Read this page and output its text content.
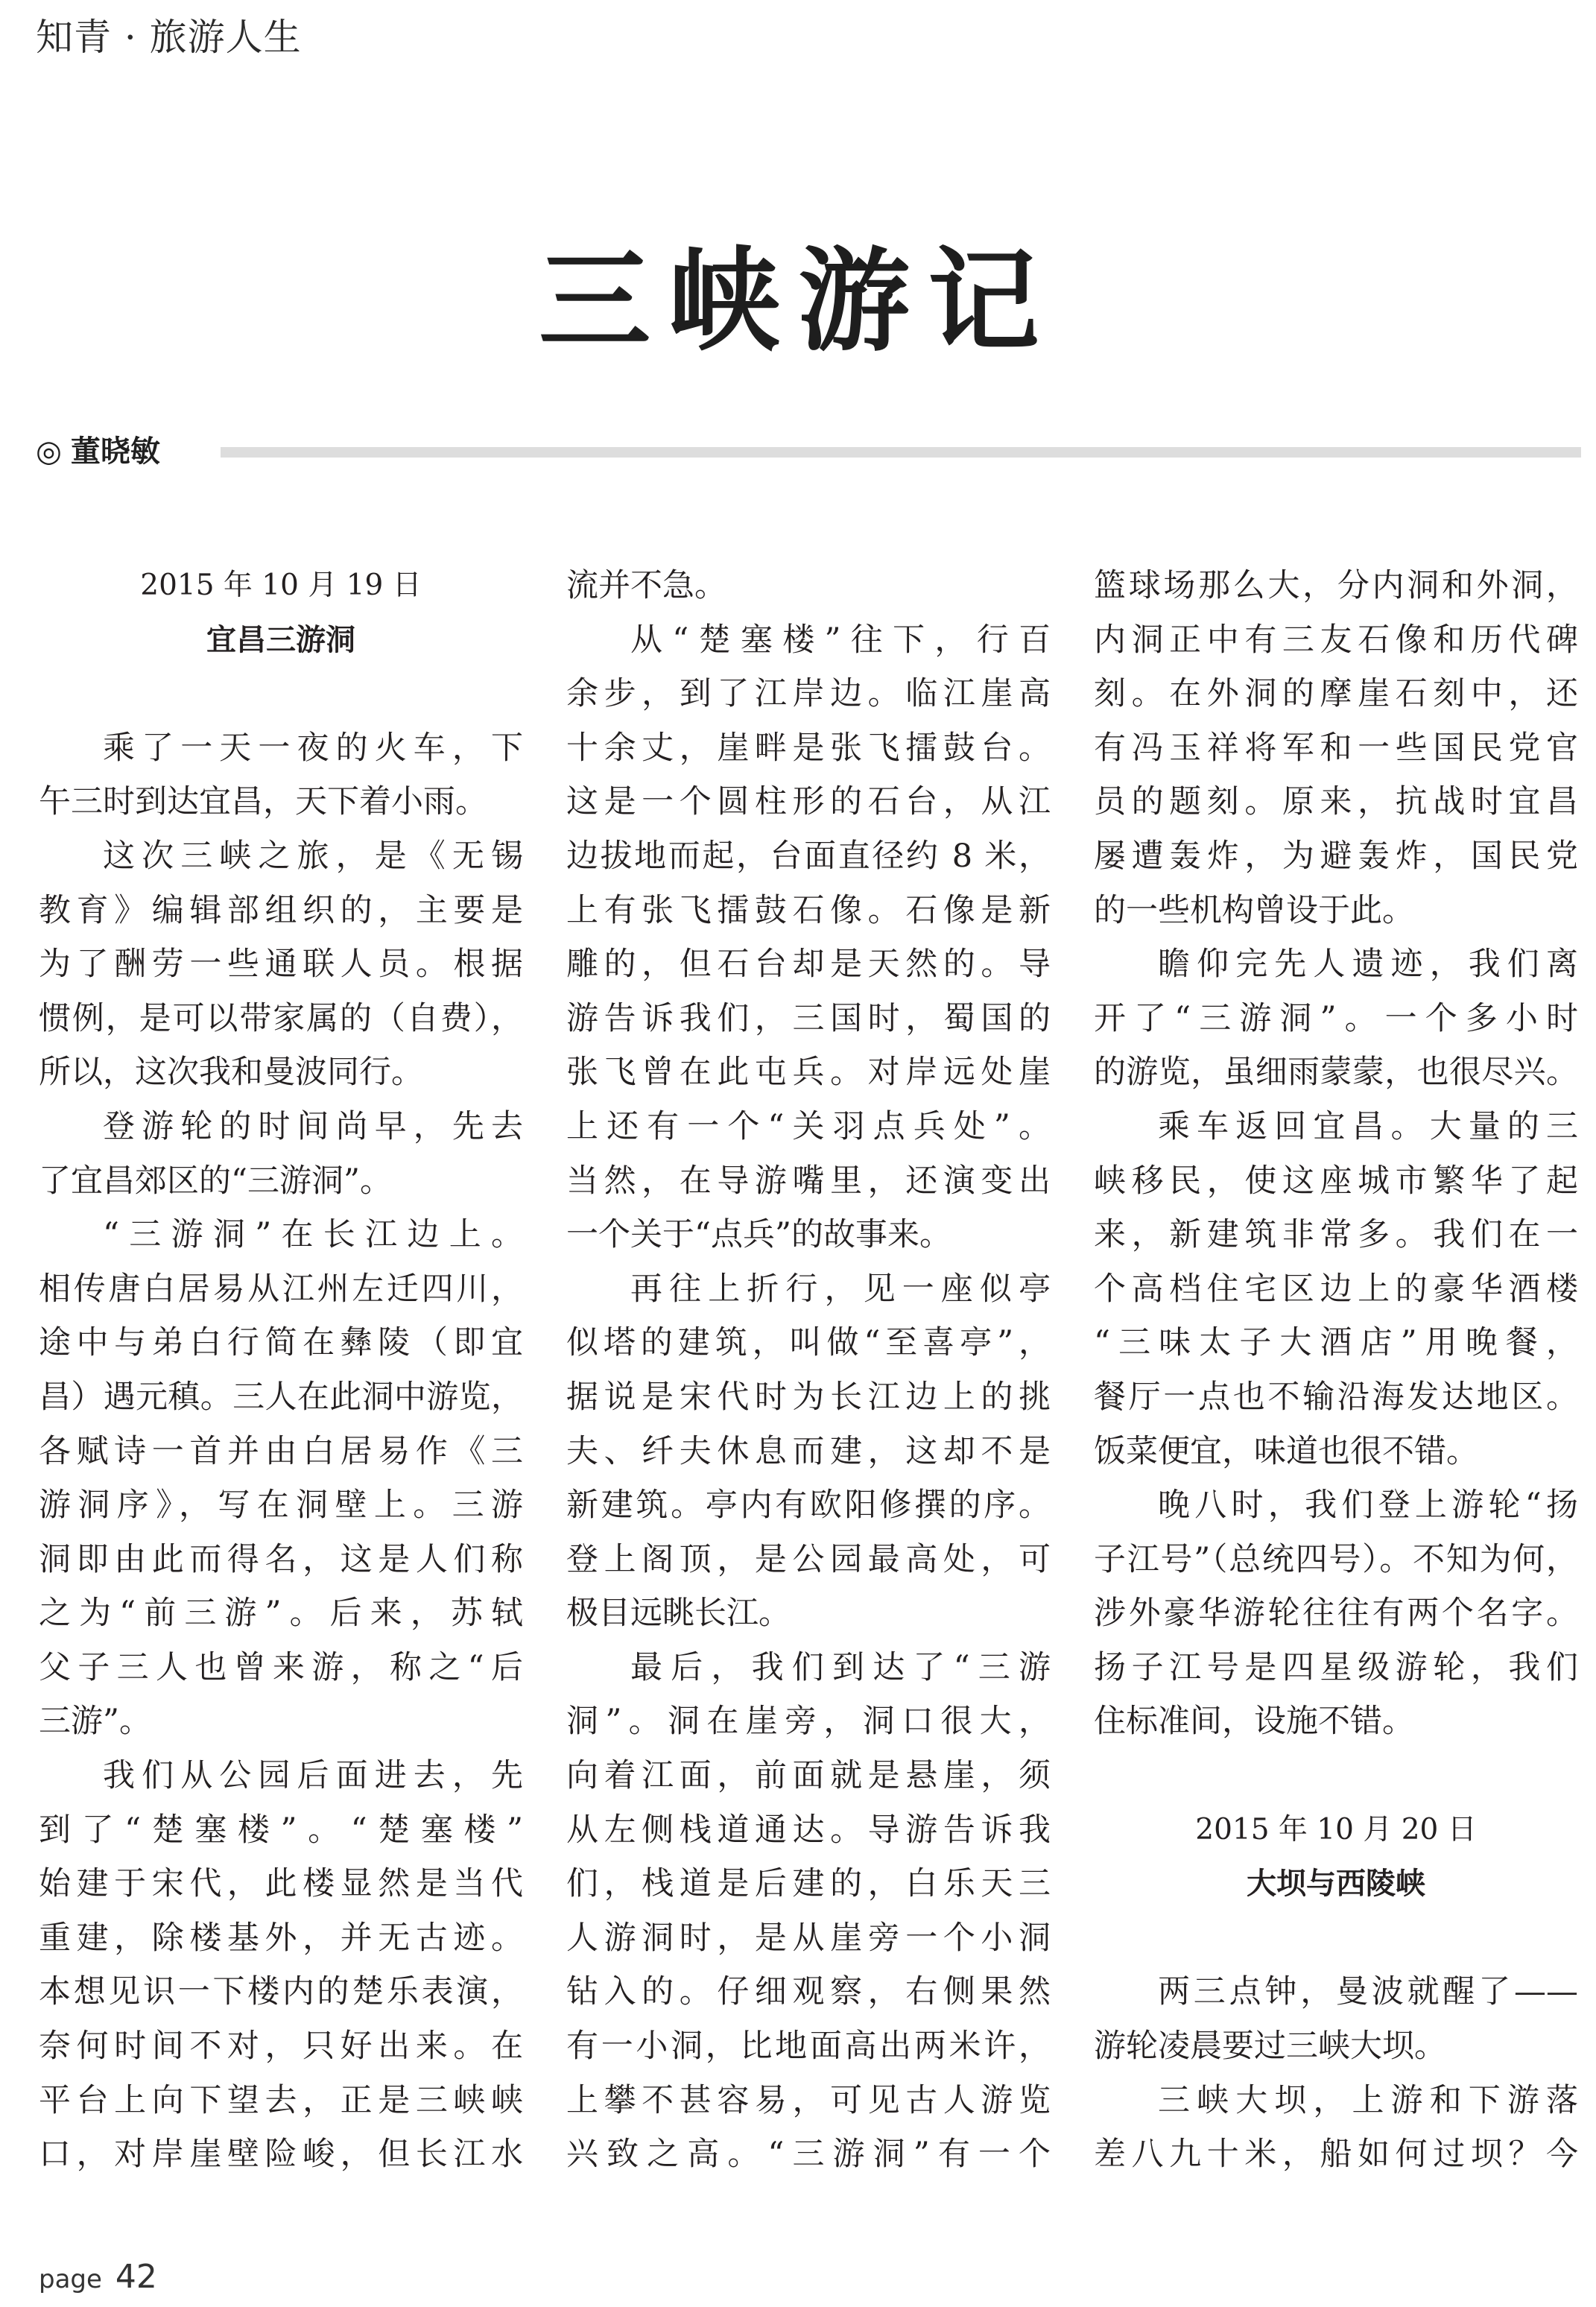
知青 · 旅游人生
三峡游记
◎ 董晓敏

2015 年 10 月 19 日

宜昌三游洞

乘了一天一夜的火车，下

午三时到达宜昌，天下着小雨。

这次三峡之旅，是《无锡

教育》编辑部组织的，主要是

为了酬劳一些通联人员。根据

惯例，是可以带家属的（自费），

所以，这次我和曼波同行。

登游轮的时间尚早，先去

了宜昌郊区的“三游洞”。

“三游洞”在长江边上。

相传唐白居易从江州左迁四川，

途中与弟白行简在彝陵（即宜

昌）遇元稹。三人在此洞中游览，

各赋诗一首并由白居易作《三

游洞序》，写在洞壁上。三游

洞即由此而得名，这是人们称

之为“前三游”。后来，苏轼

父子三人也曾来游，称之“后

三游”。

我们从公园后面进去，先

到了“楚塞楼”。“楚塞楼”

始建于宋代，此楼显然是当代

重建，除楼基外，并无古迹。

本想见识一下楼内的楚乐表演，

奈何时间不对，只好出来。在

平台上向下望去，正是三峡峡

口，对岸崖壁险峻，但长江水

流并不急。

从“楚塞楼”往下，行百

余步，到了江岸边。临江崖高

十余丈，崖畔是张飞擂鼓台。

这是一个圆柱形的石台，从江

边拔地而起，台面直径约 8 米，

上有张飞擂鼓石像。石像是新

雕的，但石台却是天然的。导

游告诉我们，三国时，蜀国的

张飞曾在此屯兵。对岸远处崖

上还有一个“关羽点兵处”。

当然，在导游嘴里，还演变出

一个关于“点兵”的故事来。

再往上折行，见一座似亭

似塔的建筑，叫做“至喜亭”，

据说是宋代时为长江边上的挑

夫、纤夫休息而建，这却不是

新建筑。亭内有欧阳修撰的序。

登上阁顶，是公园最高处，可

极目远眺长江。

最后，我们到达了“三游

洞”。洞在崖旁，洞口很大，

向着江面，前面就是悬崖，须

从左侧栈道通达。导游告诉我

们，栈道是后建的，白乐天三

人游洞时，是从崖旁一个小洞

钻入的。仔细观察，右侧果然

有一小洞，比地面高出两米许，

上攀不甚容易，可见古人游览

兴致之高。“三游洞”有一个

篮球场那么大，分内洞和外洞，

内洞正中有三友石像和历代碑

刻。在外洞的摩崖石刻中，还

有冯玉祥将军和一些国民党官

员的题刻。原来，抗战时宜昌

屡遭轰炸，为避轰炸，国民党

的一些机构曾设于此。

瞻仰完先人遗迹，我们离

开了“三游洞”。一个多小时

的游览，虽细雨蒙蒙，也很尽兴。

乘车返回宜昌。大量的三

峡移民，使这座城市繁华了起

来，新建筑非常多。我们在一

个高档住宅区边上的豪华酒楼

“三味太子大酒店”用晚餐，

餐厅一点也不输沿海发达地区。

饭菜便宜，味道也很不错。

晚八时，我们登上游轮“扬

子江号”（总统四号）。不知为何，

涉外豪华游轮往往有两个名字。

扬子江号是四星级游轮，我们

住标准间，设施不错。

2015 年 10 月 20 日

大坝与西陵峡

两三点钟，曼波就醒了——

游轮凌晨要过三峡大坝。

三峡大坝，上游和下游落

差八九十米，船如何过坝？今

page 42
